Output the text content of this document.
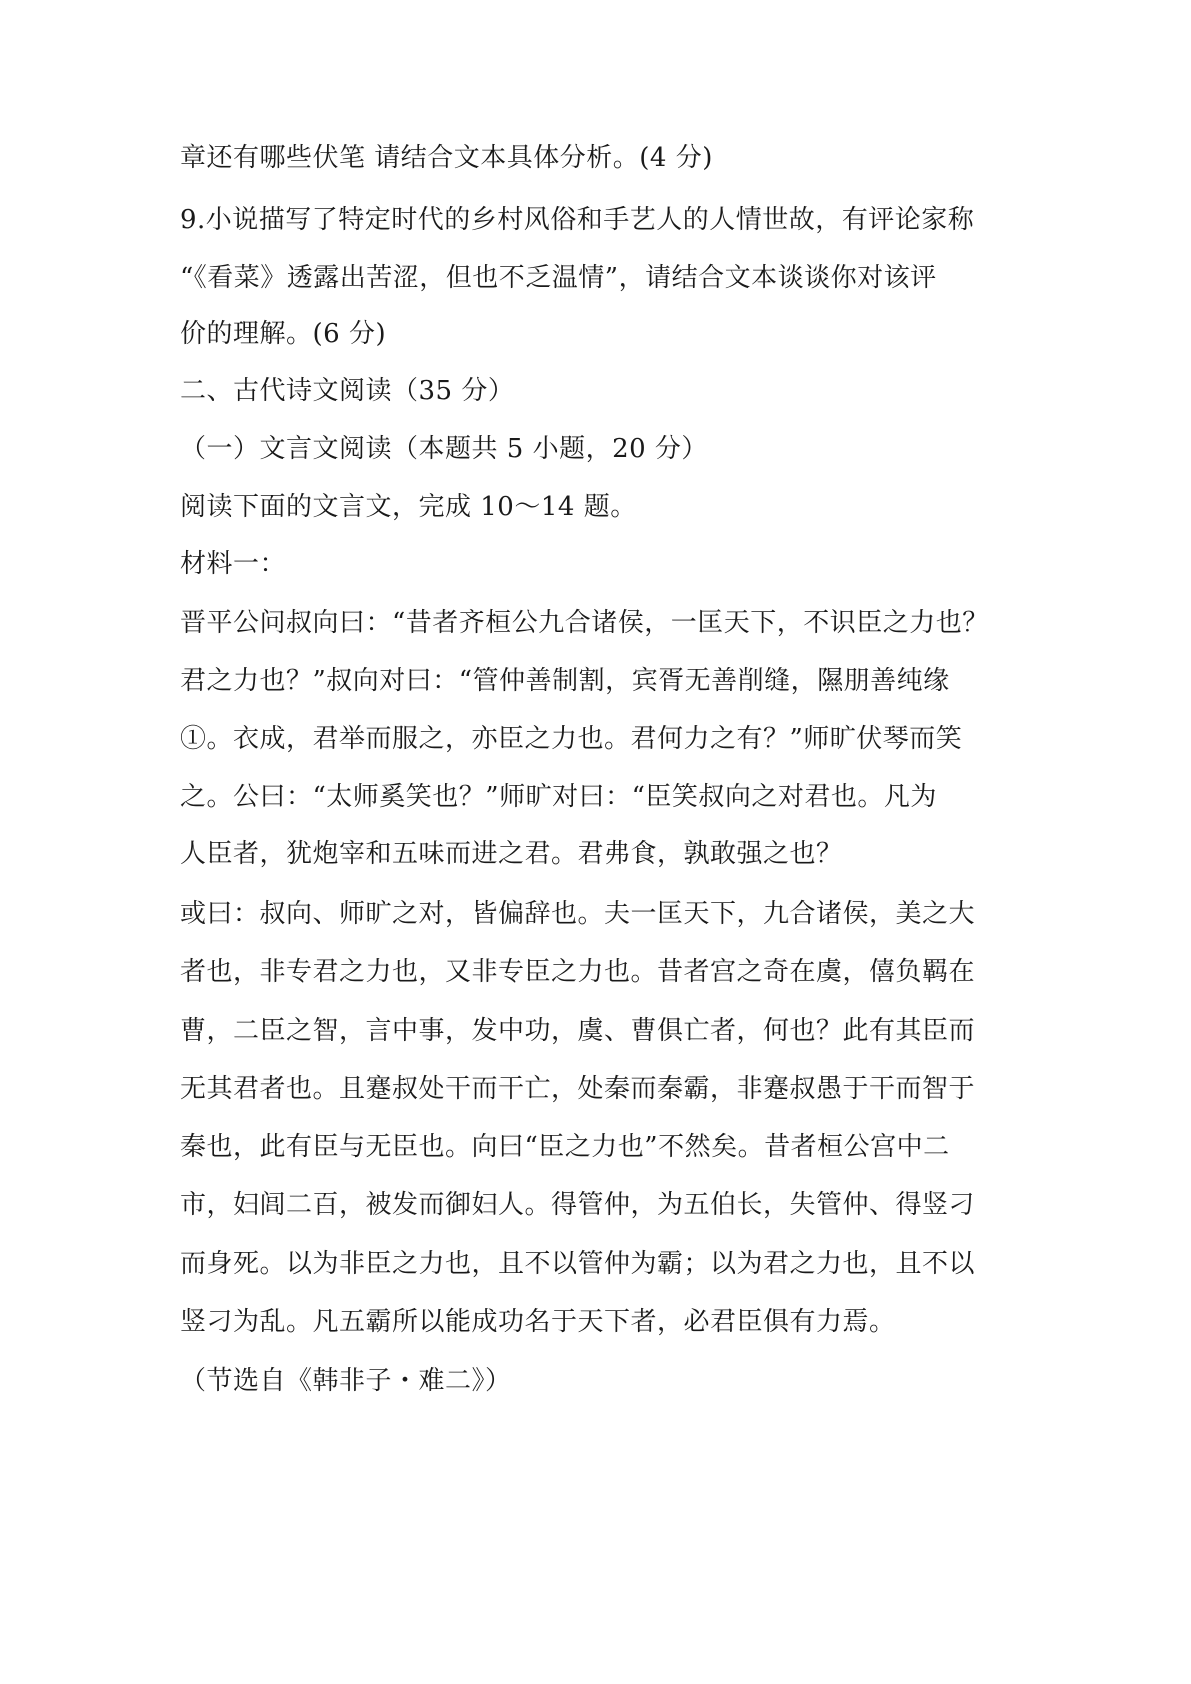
章还有哪些伏笔 请结合文本具体分析。(4 分)
9.小说描写了特定时代的乡村风俗和手艺人的人情世故，有评论家称
“《看菜》透露出苦涩，但也不乏温情”，请结合文本谈谈你对该评
价的理解。(6 分)
二、古代诗文阅读（35 分）
（一）文言文阅读（本题共 5 小题，20 分）
阅读下面的文言文，完成 10～14 题。
材料一：
晋平公问叔向曰：“昔者齐桓公九合诸侯，一匡天下，不识臣之力也？
君之力也？”叔向对曰：“管仲善制割，宾胥无善削缝，隰朋善纯缘
①。衣成，君举而服之，亦臣之力也。君何力之有？”师旷伏琴而笑
之。公曰：“太师奚笑也？”师旷对曰：“臣笑叔向之对君也。凡为
人臣者，犹炮宰和五味而进之君。君弗食，孰敢强之也？
或曰：叔向、师旷之对，皆偏辞也。夫一匡天下，九合诸侯，美之大
者也，非专君之力也，又非专臣之力也。昔者宫之奇在虞，僖负羁在
曹，二臣之智，言中事，发中功，虞、曹俱亡者，何也？此有其臣而
无其君者也。且蹇叔处干而干亡，处秦而秦霸，非蹇叔愚于干而智于
秦也，此有臣与无臣也。向曰“臣之力也”不然矣。昔者桓公宫中二
市，妇闾二百，被发而御妇人。得管仲，为五伯长，失管仲、得竖刁
而身死。以为非臣之力也，且不以管仲为霸；以为君之力也，且不以
竖刁为乱。凡五霸所以能成功名于天下者，必君臣俱有力焉。
（节选自《韩非子・难二》）
